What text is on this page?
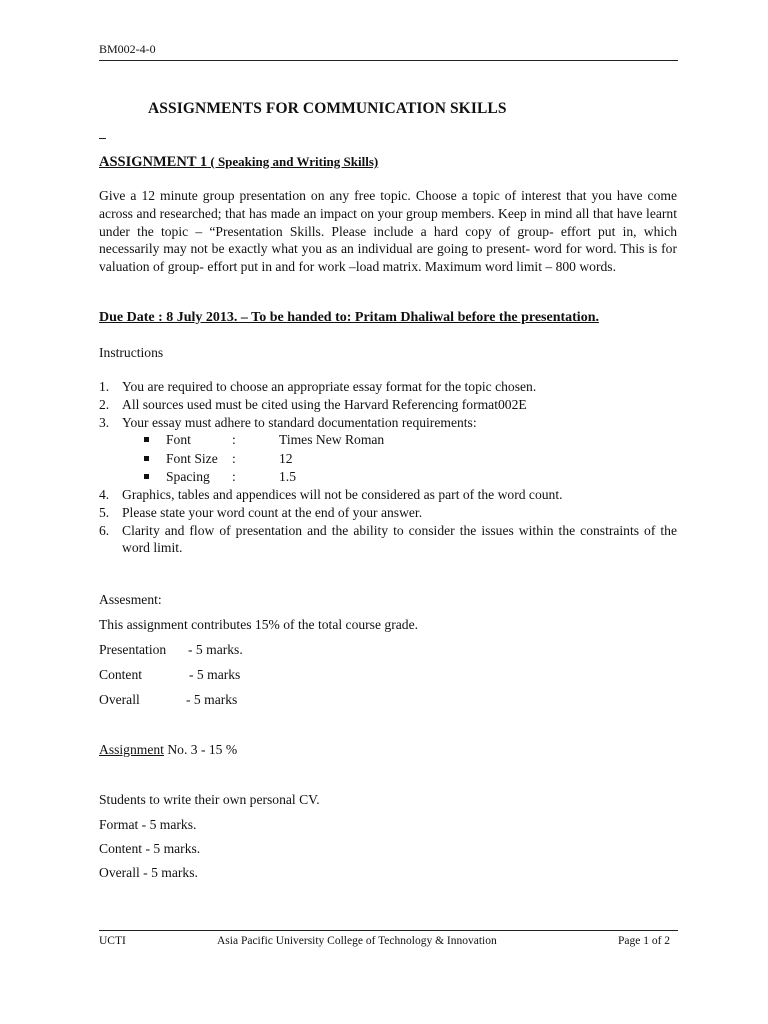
BM002-4-0
ASSIGNMENTS FOR COMMUNICATION SKILLS
ASSIGNMENT 1 ( Speaking and Writing Skills)
Give a 12 minute group presentation on any free topic. Choose a topic of interest that you have come across and researched; that has made an impact on your group members. Keep in mind all that have learnt under the topic – “Presentation Skills. Please include a hard copy of group- effort put in, which necessarily may not be exactly what you as an individual are going to present- word for word. This is for valuation of group- effort put in and for work –load matrix. Maximum word limit – 800 words.
Due Date : 8 July 2013. – To be handed to: Pritam Dhaliwal before the presentation.
Instructions
1. You are required to choose an appropriate essay format for the topic chosen.
2. All sources used must be cited using the Harvard Referencing format002E
3. Your essay must adhere to standard documentation requirements:
Font	:	Times New Roman
Font Size :	12
Spacing :	1.5
4. Graphics, tables and appendices will not be considered as part of the word count.
5. Please state your word count at the end of your answer.
6. Clarity and flow of presentation and the ability to consider the issues within the constraints of the word limit.
Assesment:
This assignment contributes 15% of the total course grade.
Presentation - 5 marks.
Content	- 5 marks
Overall	- 5 marks
Assignment No. 3 - 15 %
Students to write their own personal CV.
Format - 5 marks.
Content - 5 marks.
Overall - 5 marks.
UCTI	Asia Pacific University College of Technology & Innovation	Page 1 of 2
